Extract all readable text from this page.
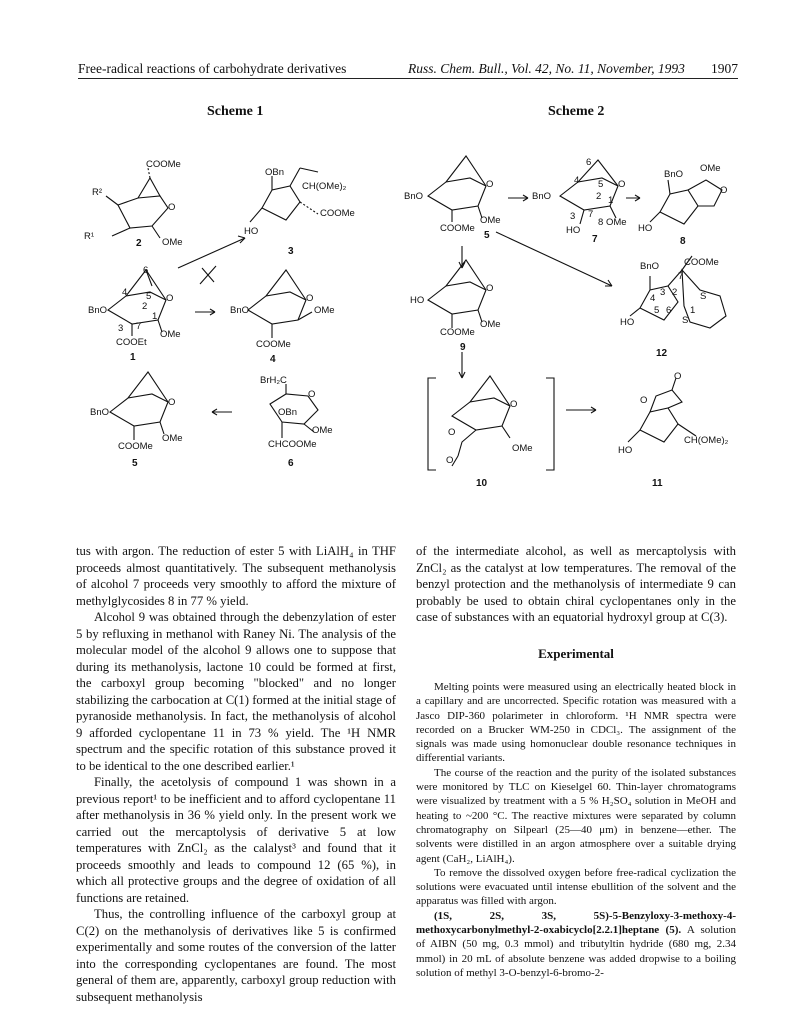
Free-radical reactions of carbohydrate derivatives	Russ. Chem. Bull., Vol. 42, No. 11, November, 1993 1907
Scheme 1	Scheme 2
COOMe
R²
R¹
OMe
O
2
OBn
CH(OMe)₂
COOMe
HO
3
6
4 5
2
1
3 7
O
BnO
OMe
COOEt
1
BnO
O
OMe
COOMe
4
BnO
O
OMe
COOMe
5
BrH₂C
O
OBn
OMe
CHCOOMe
6
BnO
O
OMe
COOMe
5
6
4 5
2 1
3 7
8
BnO
O
OMe
HO
7
BnO
OMe
O
HO
8
BnO	COOMe
3 2
4
5 6
7
1
S
S
HO
12
HO
O
OMe
COOMe
9
O
O
O
OMe
10
O
O
CH(OMe)₂
HO
11

tus with argon. The reduction of ester 5 with LiAlH₄ in THF proceeds almost quantitatively. The subsequent methanolysis of alcohol 7 proceeds very smoothly to afford the mixture of methylglycosides 8 in 77 % yield.

Alcohol 9 was obtained through the debenzylation of ester 5 by refluxing in methanol with Raney Ni. The analysis of the molecular model of the alcohol 9 allows one to suppose that during its methanolysis, lactone 10 could be formed at first, the carboxyl group becoming "blocked" and no longer stabilizing the carbocation at C(1) formed at the initial stage of pyranoside methanolysis. In fact, the methanolysis of alcohol 9 afforded cyclopentane 11 in 73 % yield. The ¹H NMR spectrum and the specific rotation of this substance proved it to be identical to the one described earlier.¹

Finally, the acetolysis of compound 1 was shown in a previous report¹ to be inefficient and to afford cyclopentane 11 after methanolysis in 36 % yield only. In the present work we carried out the mercaptolysis of derivative 5 at low temperatures with ZnCl₂ as the calalyst³ and found that it proceeds smoothly and leads to compound 12 (65 %), in which all protective groups and the degree of oxidation of all functions are retained.

Thus, the controlling influence of the carboxyl group at C(2) on the methanolysis of derivatives like 5 is confirmed experimentally and some routes of the conversion of the latter into the corresponding cyclopentanes are found. The most general of them are, apparently, carboxyl group reduction with subsequent methanolysis

of the intermediate alcohol, as well as mercaptolysis with ZnCl₂ as the catalyst at low temperatures. The removal of the benzyl protection and the methanolysis of intermediate 9 can probably be used to obtain chiral cyclopentanes only in the case of substances with an equatorial hydroxyl group at C(3).

Experimental

Melting points were measured using an electrically heated block in a capillary and are uncorrected. Specific rotation was measured with a Jasco DIP-360 polarimeter in chloroform. ¹H NMR spectra were recorded on a Brucker WM-250 in CDCl₃. The assignment of the signals was made using homonuclear double resonance techniques in differential variants.

The course of the reaction and the purity of the isolated substances were monitored by TLC on Kieselgel 60. Thin-layer chromatograms were visualized by treatment with a 5 % H₂SO₄ solution in MeOH and heating to ~200 °C. The reactive mixtures were separated by column chromatography on Silpearl (25—40 μm) in benzene—ether. The solvents were distilled in an argon atmosphere over a suitable drying agent (CaH₂, LiAlH₄).

To remove the dissolved oxygen before free-radical cyclization the solutions were evacuated until intense ebullition of the solvent and the apparatus was filled with argon.

(1S, 2S, 3S, 5S)-5-Benzyloxy-3-methoxy-4-methoxycarbonylmethyl-2-oxabicyclo[2.2.1]heptane (5). A solution of AIBN (50 mg, 0.3 mmol) and tributyltin hydride (680 mg, 2.34 mmol) in 20 mL of absolute benzene was added dropwise to a boiling solution of methyl 3-O-benzyl-6-bromo-2-
